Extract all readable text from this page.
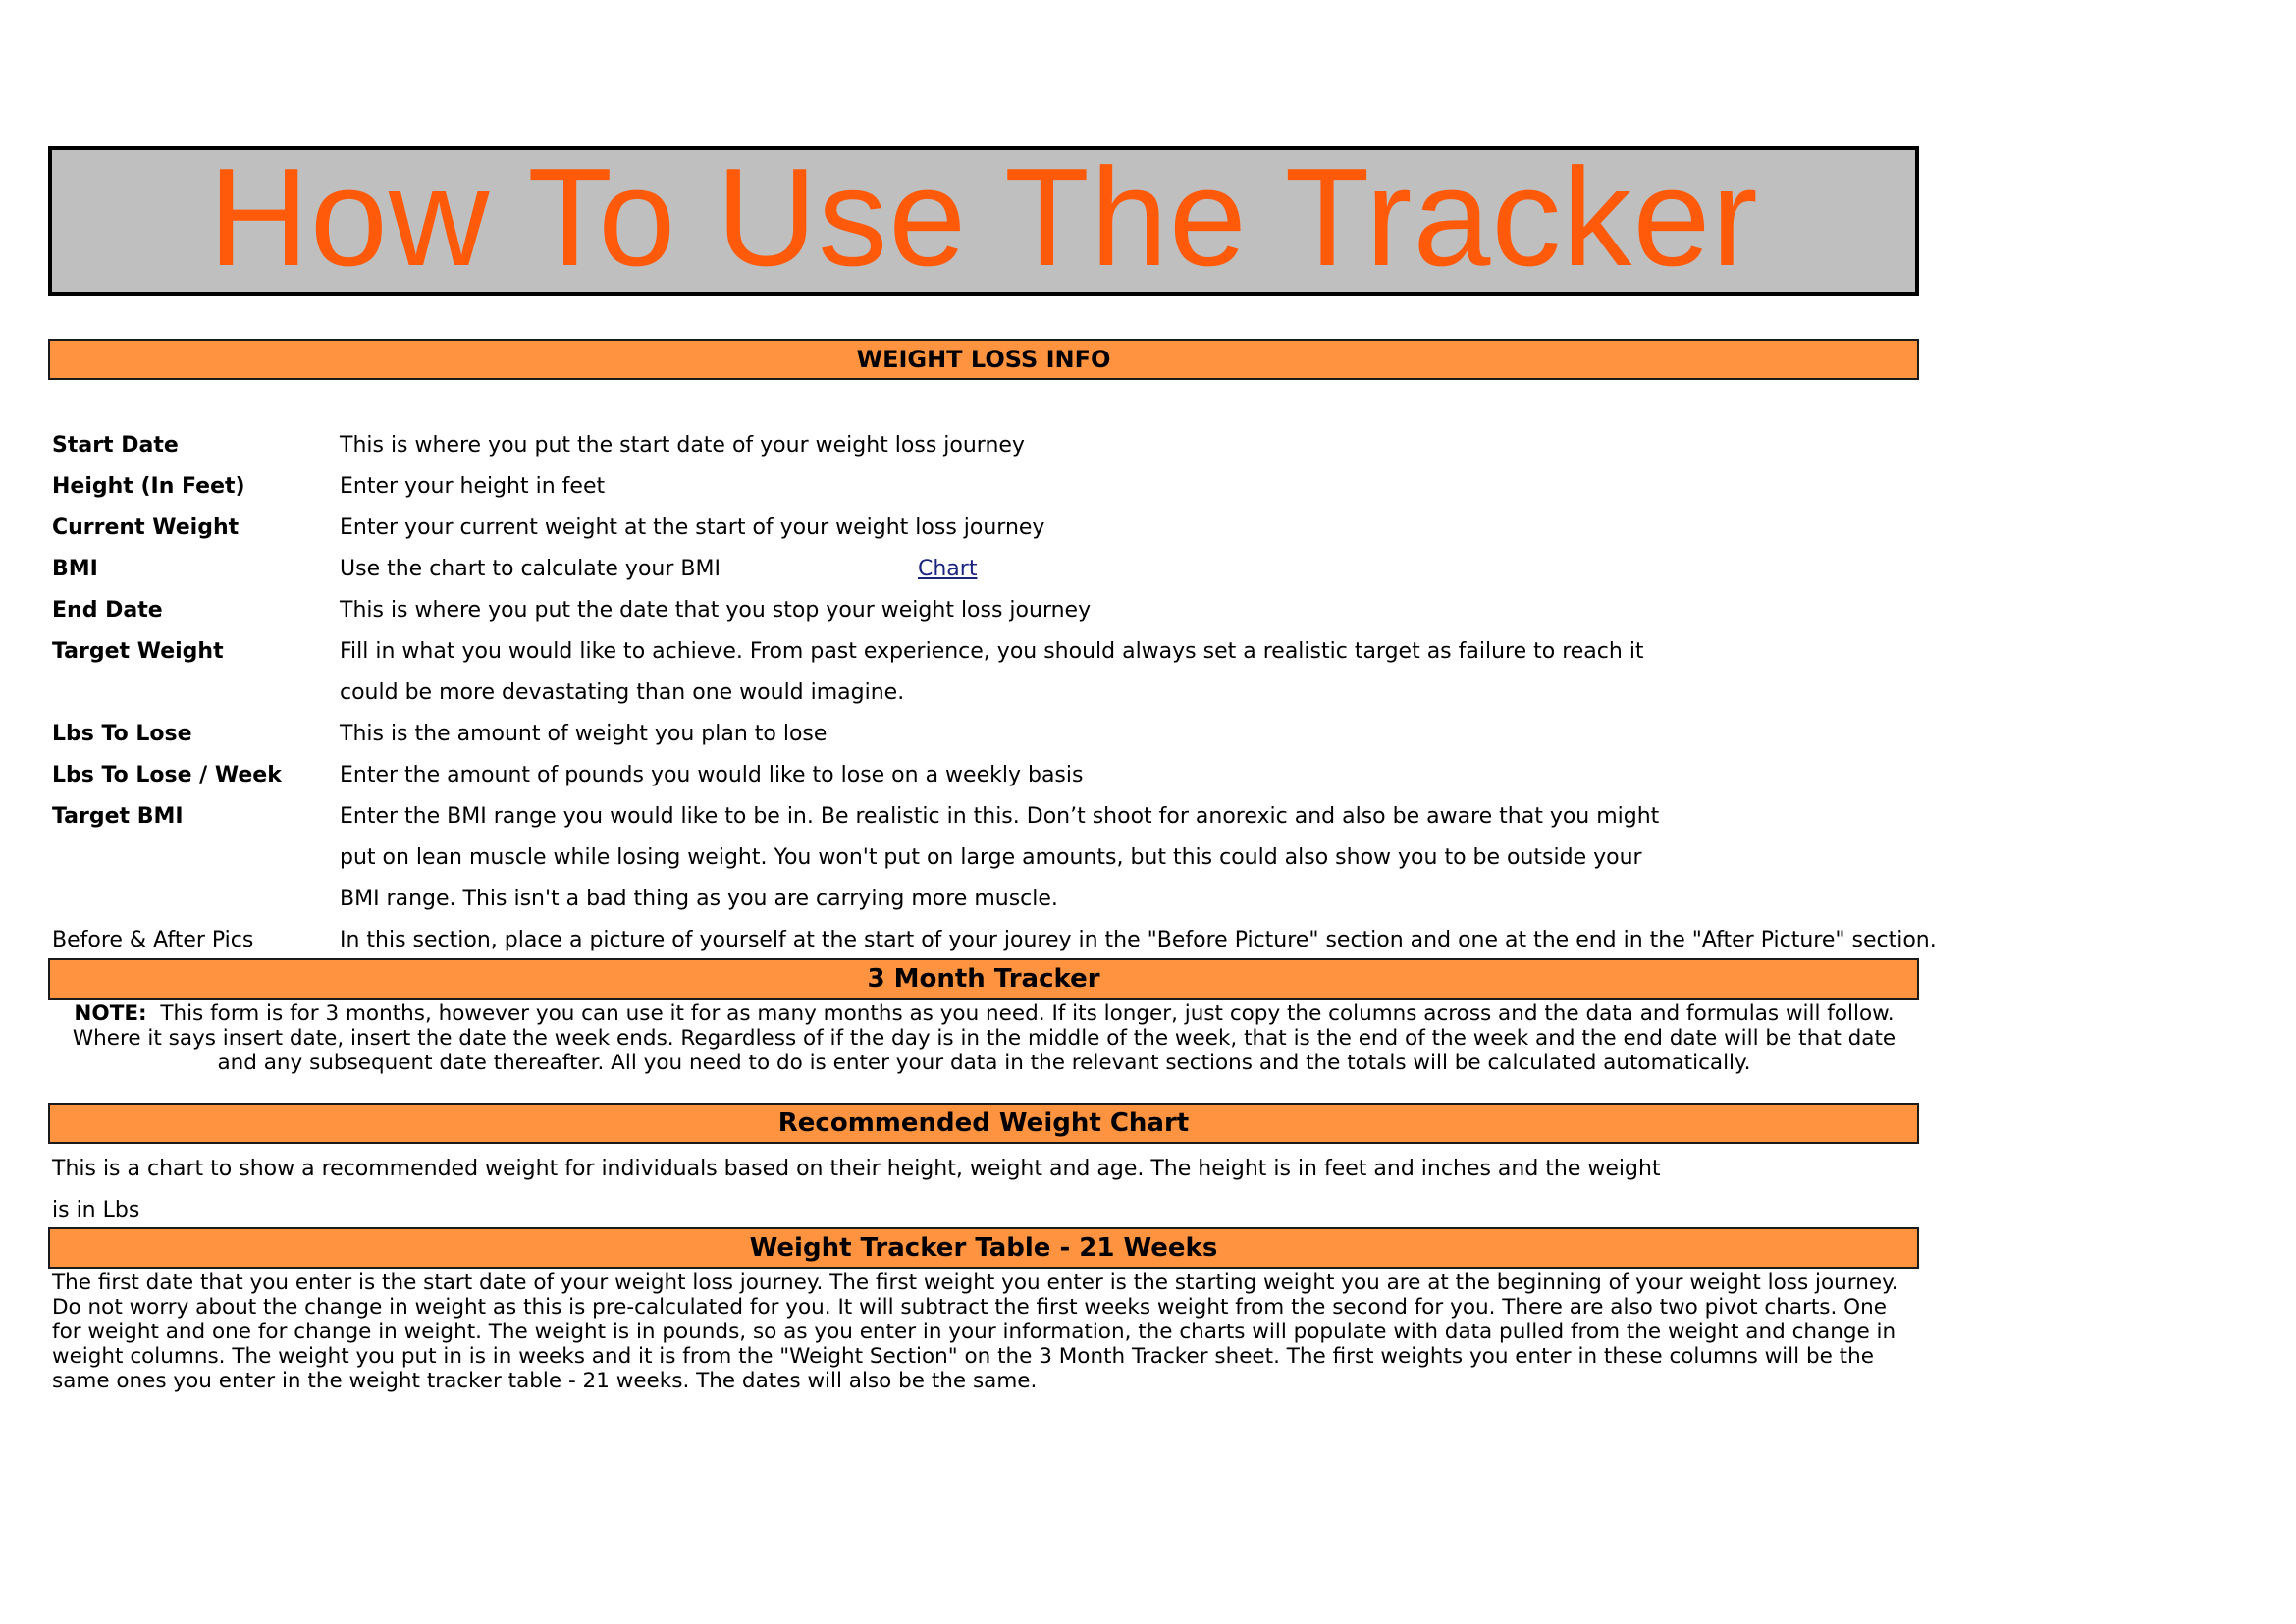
How To Use The Tracker
WEIGHT LOSS INFO
Start Date	This is where you put the start date of your weight loss journey
Height (In Feet)	Enter your height in feet
Current Weight	Enter your current weight at the start of your weight loss journey
BMI	Use the chart to calculate your BMI	Chart
End Date	This is where you put the date that you stop your weight loss journey
Target Weight	Fill in what you would like to achieve. From past experience, you should always set a realistic target as failure to reach it
could be more devastating than one would imagine.
Lbs To Lose	This is the amount of weight you plan to lose
Lbs To Lose / Week	Enter the amount of pounds you would like to lose on a weekly basis
Target BMI	Enter the BMI range you would like to be in. Be realistic in this. Don’t shoot for anorexic and also be aware that you might
put on lean muscle while losing weight. You won't put on large amounts, but this could also show you to be outside your
BMI range. This isn't a bad thing as you are carrying more muscle.
Before & After Pics	In this section, place a picture of yourself at the start of your jourey in the "Before Picture" section and one at the end in the "After Picture" section.
3 Month Tracker
NOTE: This form is for 3 months, however you can use it for as many months as you need. If its longer, just copy the columns across and the data and formulas will follow. Where it says insert date, insert the date the week ends. Regardless of if the day is in the middle of the week, that is the end of the week and the end date will be that date and any subsequent date thereafter. All you need to do is enter your data in the relevant sections and the totals will be calculated automatically.
Recommended Weight Chart
This is a chart to show a recommended weight for individuals based on their height, weight and age. The height is in feet and inches and the weight
is in Lbs
Weight Tracker Table - 21 Weeks
The first date that you enter is the start date of your weight loss journey. The first weight you enter is the starting weight you are at the beginning of your weight loss journey. Do not worry about the change in weight as this is pre-calculated for you. It will subtract the first weeks weight from the second for you. There are also two pivot charts. One for weight and one for change in weight. The weight is in pounds, so as you enter in your information, the charts will populate with data pulled from the weight and change in weight columns. The weight you put in is in weeks and it is from the "Weight Section" on the 3 Month Tracker sheet. The first weights you enter in these columns will be the same ones you enter in the weight tracker table - 21 weeks. The dates will also be the same.
